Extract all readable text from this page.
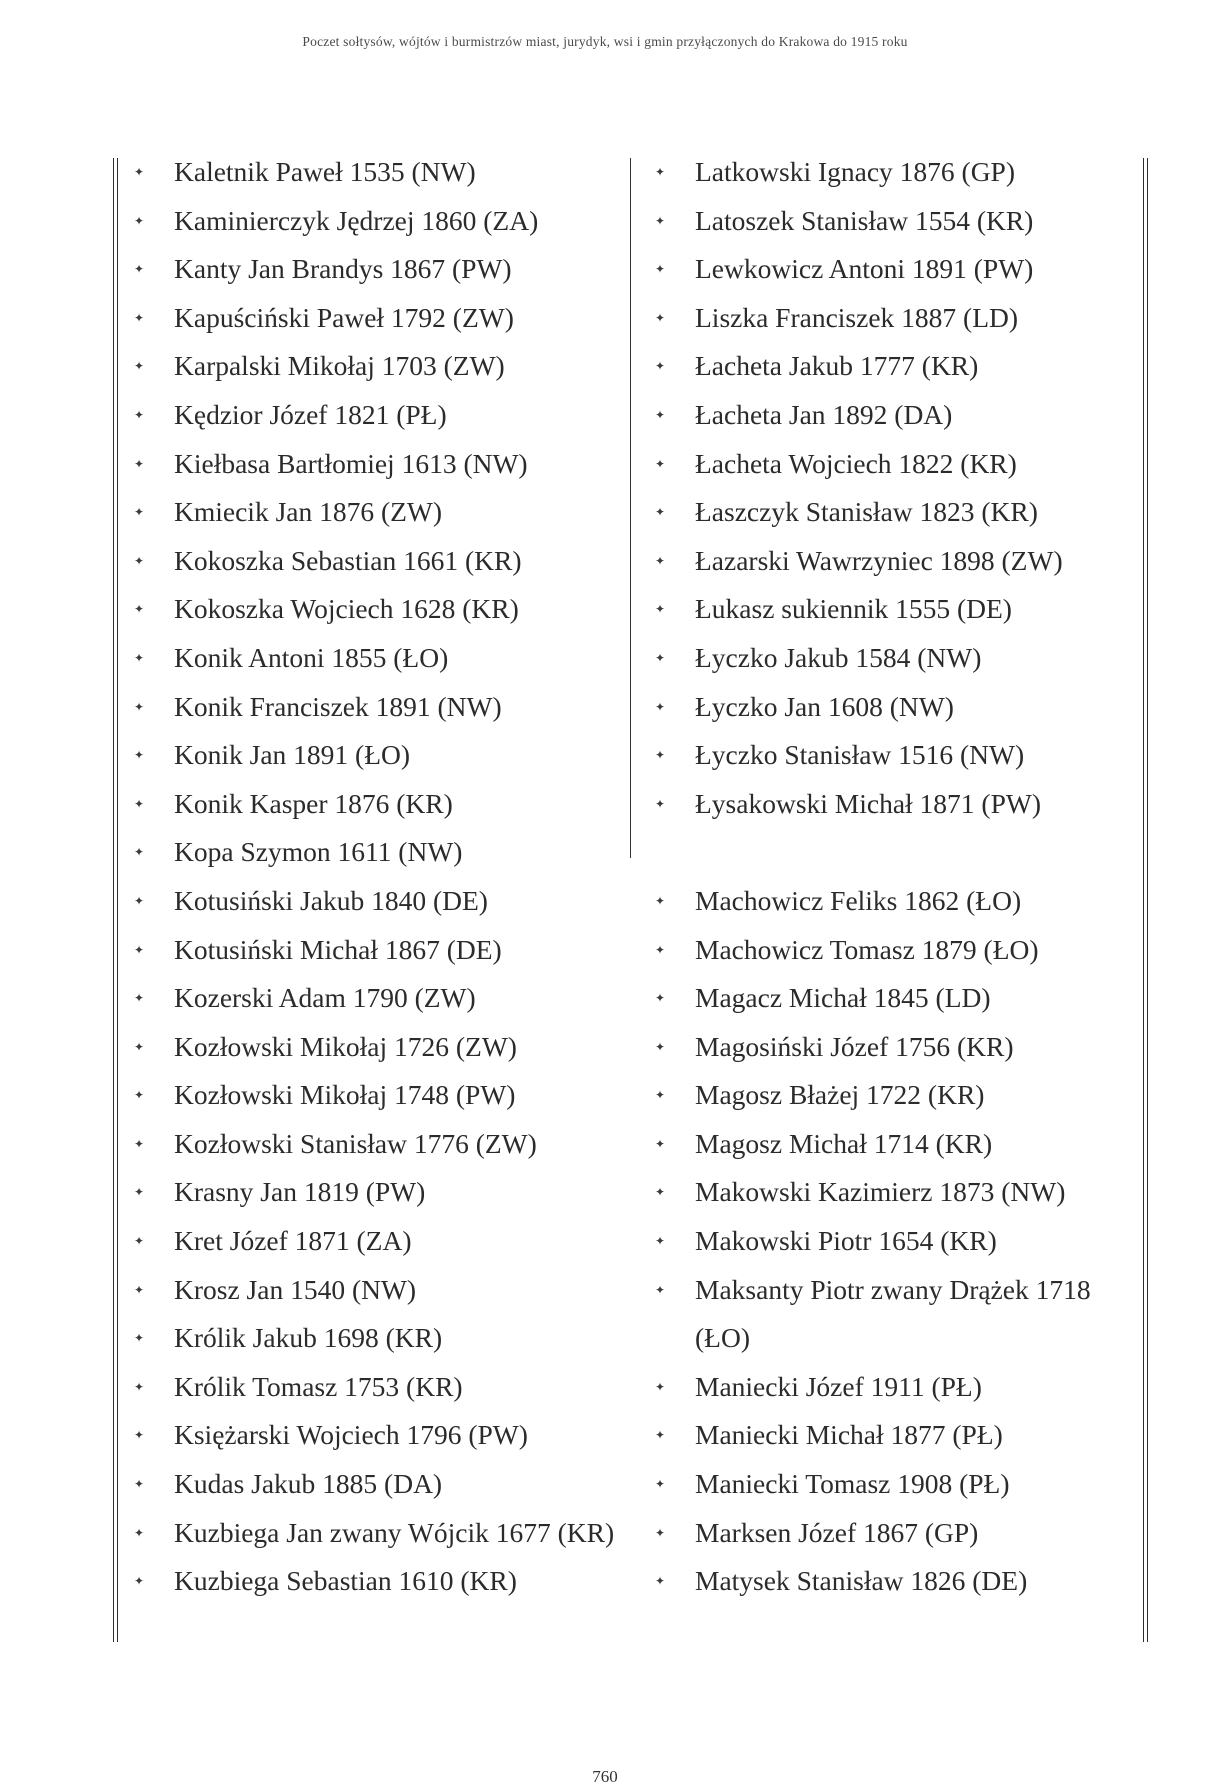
Poczet sołtysów, wójtów i burmistrzów miast, jurydyk, wsi i gmin przyłączonych do Krakowa do 1915 roku
✦ Kaletnik Paweł 1535 (NW)
✦ Kaminierczyk Jędrzej 1860 (ZA)
✦ Kanty Jan Brandys 1867 (PW)
✦ Kapuściński Paweł 1792 (ZW)
✦ Karpalski Mikołaj 1703 (ZW)
✦ Kędzior Józef 1821 (PŁ)
✦ Kiełbasa Bartłomiej 1613 (NW)
✦ Kmiecik Jan 1876 (ZW)
✦ Kokoszka Sebastian 1661 (KR)
✦ Kokoszka Wojciech 1628 (KR)
✦ Konik Antoni 1855 (ŁO)
✦ Konik Franciszek 1891 (NW)
✦ Konik Jan 1891 (ŁO)
✦ Konik Kasper 1876 (KR)
✦ Kopa Szymon 1611 (NW)
✦ Kotusiński Jakub 1840 (DE)
✦ Kotusiński Michał 1867 (DE)
✦ Kozerski Adam 1790 (ZW)
✦ Kozłowski Mikołaj 1726 (ZW)
✦ Kozłowski Mikołaj 1748 (PW)
✦ Kozłowski Stanisław 1776 (ZW)
✦ Krasny Jan 1819 (PW)
✦ Kret Józef 1871 (ZA)
✦ Krosz Jan 1540 (NW)
✦ Królik Jakub 1698 (KR)
✦ Królik Tomasz 1753 (KR)
✦ Księżarski Wojciech 1796 (PW)
✦ Kudas Jakub 1885 (DA)
✦ Kuzbiega Jan zwany Wójcik 1677 (KR)
✦ Kuzbiega Sebastian 1610 (KR)
✦ Latkowski Ignacy 1876 (GP)
✦ Latoszek Stanisław 1554 (KR)
✦ Lewkowicz Antoni 1891 (PW)
✦ Liszka Franciszek 1887 (LD)
✦ Łacheta Jakub 1777 (KR)
✦ Łacheta Jan 1892 (DA)
✦ Łacheta Wojciech 1822 (KR)
✦ Łaszczyk Stanisław 1823 (KR)
✦ Łazarski Wawrzyniec 1898 (ZW)
✦ Łukasz sukiennik 1555 (DE)
✦ Łyczko Jakub 1584 (NW)
✦ Łyczko Jan 1608 (NW)
✦ Łyczko Stanisław 1516 (NW)
✦ Łysakowski Michał 1871 (PW)
✦ Machowicz Feliks 1862 (ŁO)
✦ Machowicz Tomasz 1879 (ŁO)
✦ Magacz Michał 1845 (LD)
✦ Magosiński Józef 1756 (KR)
✦ Magosz Błażej 1722 (KR)
✦ Magosz Michał 1714 (KR)
✦ Makowski Kazimierz 1873 (NW)
✦ Makowski Piotr 1654 (KR)
✦ Maksanty Piotr zwany Drążek 1718 (ŁO)
✦ Maniecki Józef 1911 (PŁ)
✦ Maniecki Michał 1877 (PŁ)
✦ Maniecki Tomasz 1908 (PŁ)
✦ Marksen Józef 1867 (GP)
✦ Matysek Stanisław 1826 (DE)
760
